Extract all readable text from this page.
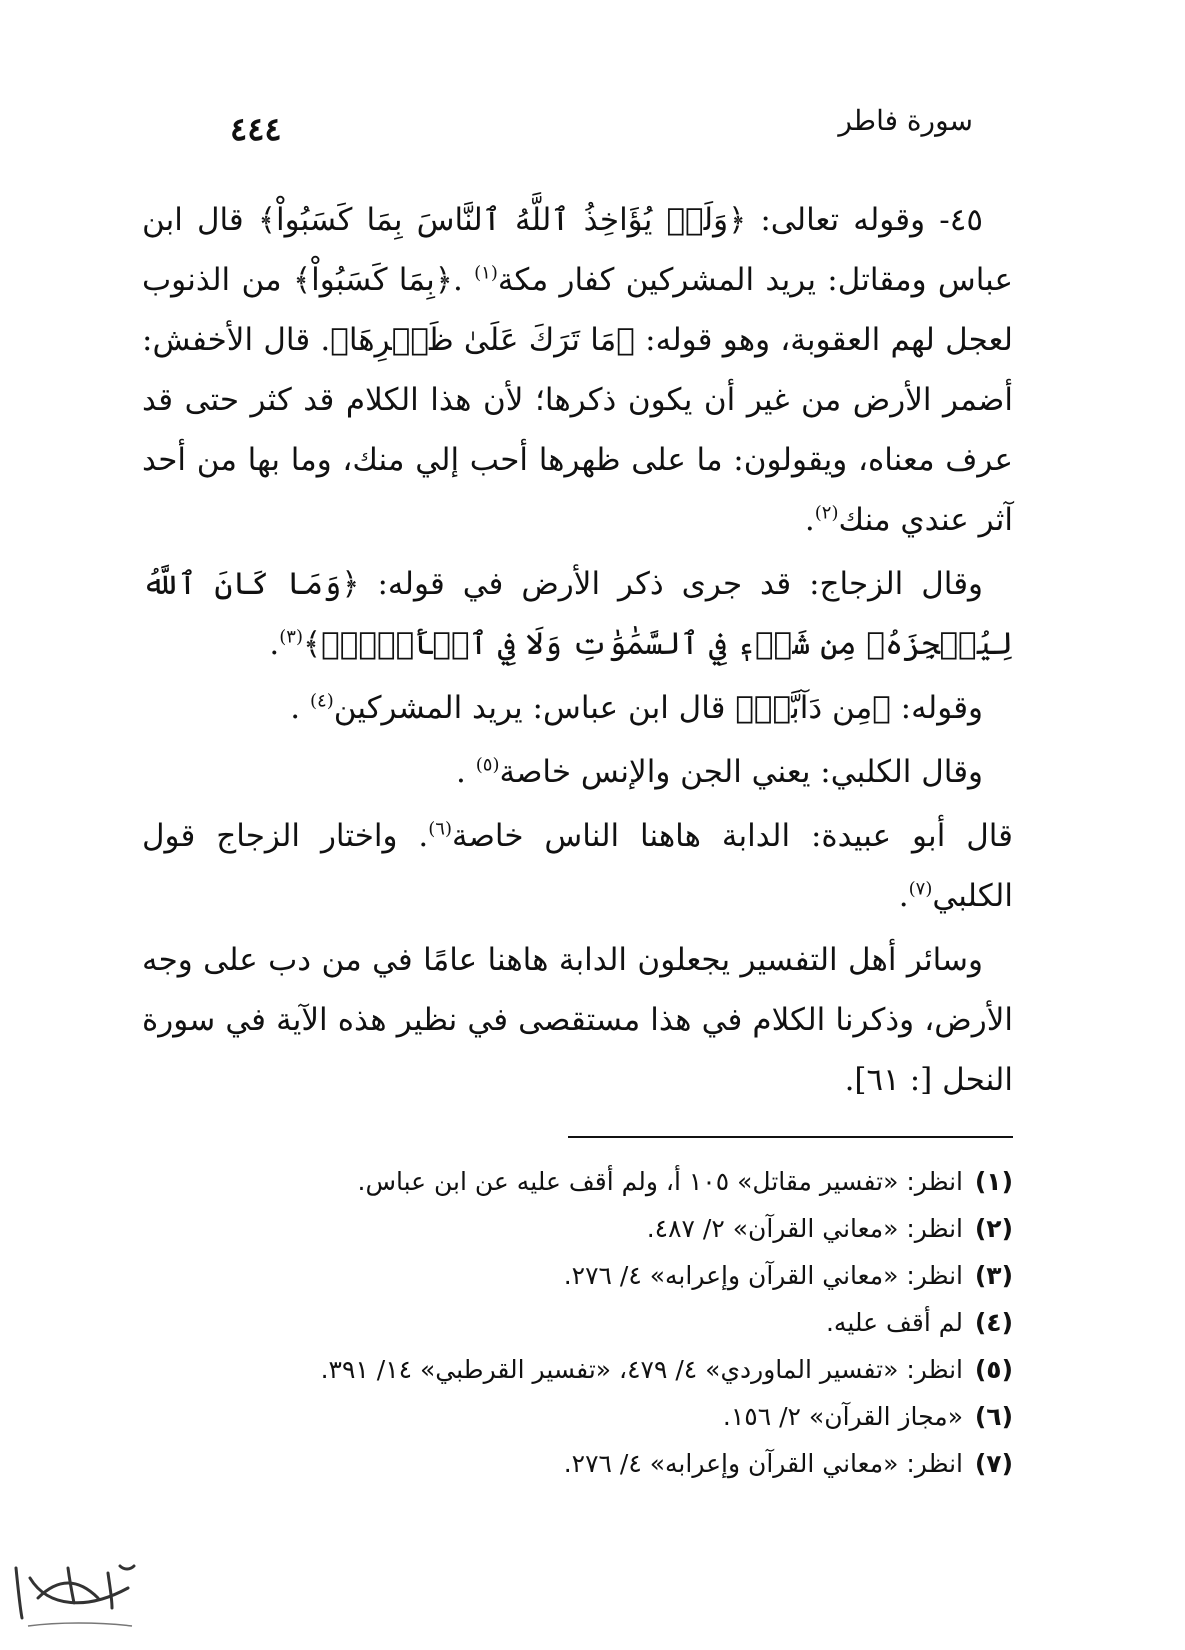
٤٤٤	سورة فاطر

٤٥- وقوله تعالى: ﴿وَلَوۡ يُؤَاخِذُ ٱللَّهُ ٱلنَّاسَ بِمَا كَسَبُواْ﴾ قال ابن عباس ومقاتل: يريد المشركين كفار مكة$^{(١)}$ .﴿بِمَا كَسَبُواْ﴾ من الذنوب لعجل لهم العقوبة، وهو قوله: ﴿مَا تَرَكَ عَلَىٰ ظَهۡرِهَا﴾. قال الأخفش: أضمر الأرض من غير أن يكون ذكرها؛ لأن هذا الكلام قد كثر حتى قد عرف معناه، ويقولون: ما على ظهرها أحب إلي منك، وما بها من أحد آثر عندي منك$^{(٢)}$.

وقال الزجاج: قد جرى ذكر الأرض في قوله: ﴿وَمَا كَانَ ٱللَّهُ لِيُعۡجِزَهُۥ مِن شَيۡءٖ فِي ٱلسَّمَٰوَٰتِ وَلَا فِي ٱلۡأَرۡضِۚ﴾$^{(٣)}$.

وقوله: ﴿مِن دَآبَّةٖ﴾ قال ابن عباس: يريد المشركين$^{(٤)}$ .

وقال الكلبي: يعني الجن والإنس خاصة$^{(٥)}$ .

قال أبو عبيدة: الدابة هاهنا الناس خاصة$^{(٦)}$. واختار الزجاج قول الكلبي$^{(٧)}$.

وسائر أهل التفسير يجعلون الدابة هاهنا عامًا في من دب على وجه الأرض، وذكرنا الكلام في هذا مستقصى في نظير هذه الآية في سورة النحل [: ٦١].

(١)
انظر: «تفسير مقاتل» ١٠٥ أ، ولم أقف عليه عن ابن عباس.
(٢)
انظر: «معاني القرآن» ٢/ ٤٨٧.
(٣)
انظر: «معاني القرآن وإعرابه» ٤/ ٢٧٦.
(٤)
لم أقف عليه.
(٥)
انظر: «تفسير الماوردي» ٤/ ٤٧٩، «تفسير القرطبي» ١٤/ ٣٩١.
(٦)
«مجاز القرآن» ٢/ ١٥٦.
(٧)
انظر: «معاني القرآن وإعرابه» ٤/ ٢٧٦.
